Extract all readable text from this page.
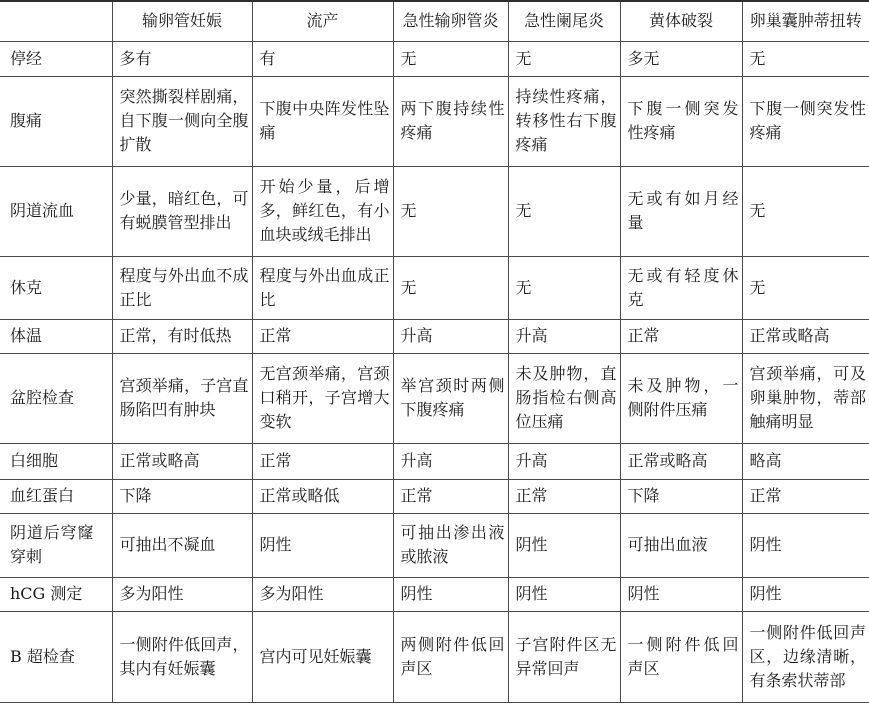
	输卵管妊娠	流产	急性输卵管炎	急性阑尾炎	黄体破裂	卵巢囊肿蒂扭转
停经	多有	有	无	无	多无	无
腹痛	突然撕裂样剧痛，自下腹一侧向全腹扩散	下腹中央阵发性坠痛	两下腹持续性疼痛	持续性疼痛，转移性右下腹疼痛	下腹一侧突发性疼痛	下腹一侧突发性疼痛
阴道流血	少量，暗红色，可有蜕膜管型排出	开始少量，后增多，鲜红色，有小血块或绒毛排出	无	无	无或有如月经量	无
休克	程度与外出血不成正比	程度与外出血成正比	无	无	无或有轻度休克	无
体温	正常，有时低热	正常	升高	升高	正常	正常或略高
盆腔检查	宫颈举痛，子宫直肠陷凹有肿块	无宫颈举痛，宫颈口稍开，子宫增大变软	举宫颈时两侧下腹疼痛	未及肿物，直肠指检右侧高位压痛	未及肿物，一侧附件压痛	宫颈举痛，可及卵巢肿物，蒂部触痛明显
白细胞	正常或略高	正常	升高	升高	正常或略高	略高
血红蛋白	下降	正常或略低	正常	正常	下降	正常
阴道后穹窿穿刺	可抽出不凝血	阴性	可抽出渗出液或脓液	阴性	可抽出血液	阴性
hCG 测定	多为阳性	多为阳性	阴性	阴性	阴性	阴性
B 超检查	一侧附件低回声，其内有妊娠囊	宫内可见妊娠囊	两侧附件低回声区	子宫附件区无异常回声	一侧附件低回声区	一侧附件低回声区，边缘清晰，有条索状蒂部
